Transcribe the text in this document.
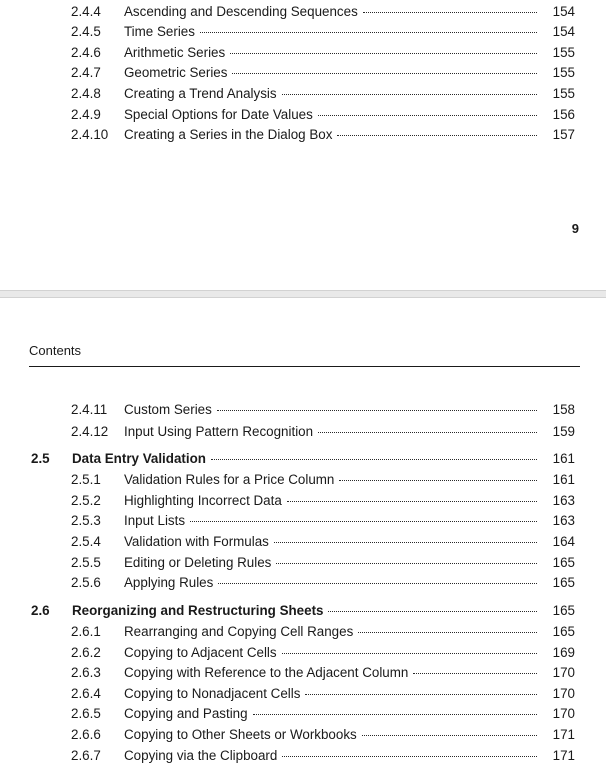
2.4.4 Ascending and Descending Sequences	154
2.4.5 Time Series	154
2.4.6 Arithmetic Series	155
2.4.7 Geometric Series	155
2.4.8 Creating a Trend Analysis	155
2.4.9 Special Options for Date Values	156
2.4.10 Creating a Series in the Dialog Box	157
9
Contents
2.4.11 Custom Series	158
2.4.12 Input Using Pattern Recognition	159
2.5 Data Entry Validation	161
2.5.1 Validation Rules for a Price Column	161
2.5.2 Highlighting Incorrect Data	163
2.5.3 Input Lists	163
2.5.4 Validation with Formulas	164
2.5.5 Editing or Deleting Rules	165
2.5.6 Applying Rules	165
2.6 Reorganizing and Restructuring Sheets	165
2.6.1 Rearranging and Copying Cell Ranges	165
2.6.2 Copying to Adjacent Cells	169
2.6.3 Copying with Reference to the Adjacent Column	170
2.6.4 Copying to Nonadjacent Cells	170
2.6.5 Copying and Pasting	170
2.6.6 Copying to Other Sheets or Workbooks	171
2.6.7 Copying via the Clipboard	171
